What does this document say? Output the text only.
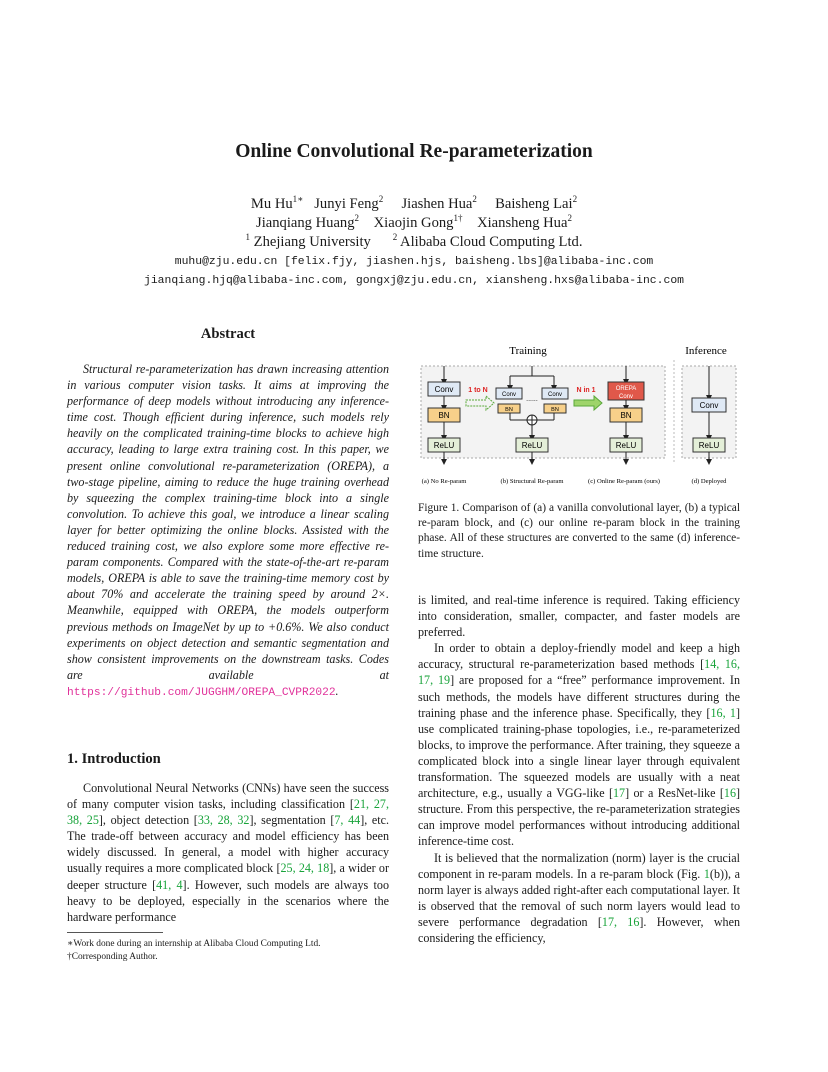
Online Convolutional Re-parameterization
Mu $Hu^{1∗}$ Junyi Feng$^2$ Jiashen Hua$^2$ Baisheng Lai$^2$
Jianqiang Huang$^2$ Xiaojin Gong$^{1\dagger}$ Xiansheng Hua$^2$
$^1$ Zhejiang University $^2$ Alibaba Cloud Computing Ltd.
muhu@zju.edu.cn [felix.fjy, jiashen.hjs, baisheng.lbs]@alibaba-inc.com
jianqiang.hjq@alibaba-inc.com, gongxj@zju.edu.cn, xiansheng.hxs@alibaba-inc.com
Abstract

Structural re-parameterization has drawn increasing attention in various computer vision tasks. It aims at improving the performance of deep models without introducing any inference-time cost. Though efficient during inference, such models rely heavily on the complicated training-time blocks to achieve high accuracy, leading to large extra training cost. In this paper, we present online convolutional re-parameterization (OREPA), a two-stage pipeline, aiming to reduce the huge training overhead by squeezing the complex training-time block into a single convolution. To achieve this goal, we introduce a linear scaling layer for better optimizing the online blocks. Assisted with the reduced training cost, we also explore some more effective re-param components. Compared with the state-of-the-art re-param models, OREPA is able to save the training-time memory cost by about 70% and accelerate the training speed by around 2×. Meanwhile, equipped with OREPA, the models outperform previous methods on ImageNet by up to +0.6%. We also conduct experiments on object detection and semantic segmentation and show consistent improvements on the downstream tasks. Codes are available at https://github.com/JUGGHM/OREPA_CVPR2022.

1. Introduction

Convolutional Neural Networks (CNNs) have seen the success of many computer vision tasks, including classification [21, 27, 38, 25], object detection [33, 28, 32], segmentation [7, 44], etc. The trade-off between accuracy and model efficiency has been widely discussed. In general, a model with higher accuracy usually requires a more complicated block [25, 24, 18], a wider or deeper structure [41, 4]. However, such models are always too heavy to be deployed, especially in the scenarios where the hardware performance

∗Work done during an internship at Alibaba Cloud Computing Ltd.
†Corresponding Author.
Training	Inference
Conv
BN
ReLU
1 to N
Conv	Conv
......
BN	BN
ReLU
N in 1	OREPA
Conv
BN
ReLU
Conv
ReLU
(a) No Re-param	(b) Structural Re-param	(c) Online Re-param (ours)	(d) Deployed
Figure 1. Comparison of (a) a vanilla convolutional layer, (b) a typical re-param block, and (c) our online re-param block in the training phase. All of these structures are converted to the same (d) inference-time structure.

is limited, and real-time inference is required. Taking efficiency into consideration, smaller, compacter, and faster models are preferred.

In order to obtain a deploy-friendly model and keep a high accuracy, structural re-parameterization based methods [14, 16, 17, 19] are proposed for a “free” performance improvement. In such methods, the models have different structures during the training phase and the inference phase. Specifically, they [16, 1] use complicated training-phase topologies, i.e., re-parameterized blocks, to improve the performance. After training, they squeeze a complicated block into a single linear layer through equivalent transformation. The squeezed models are usually with a neat architecture, e.g., usually a VGG-like [17] or a ResNet-like [16] structure. From this perspective, the re-parameterization strategies can improve model performances without introducing additional inference-time cost.

It is believed that the normalization (norm) layer is the crucial component in re-param models. In a re-param block (Fig. 1(b)), a norm layer is always added right-after each computational layer. It is observed that the removal of such norm layers would lead to severe performance degradation [17, 16]. However, when considering the efficiency,
